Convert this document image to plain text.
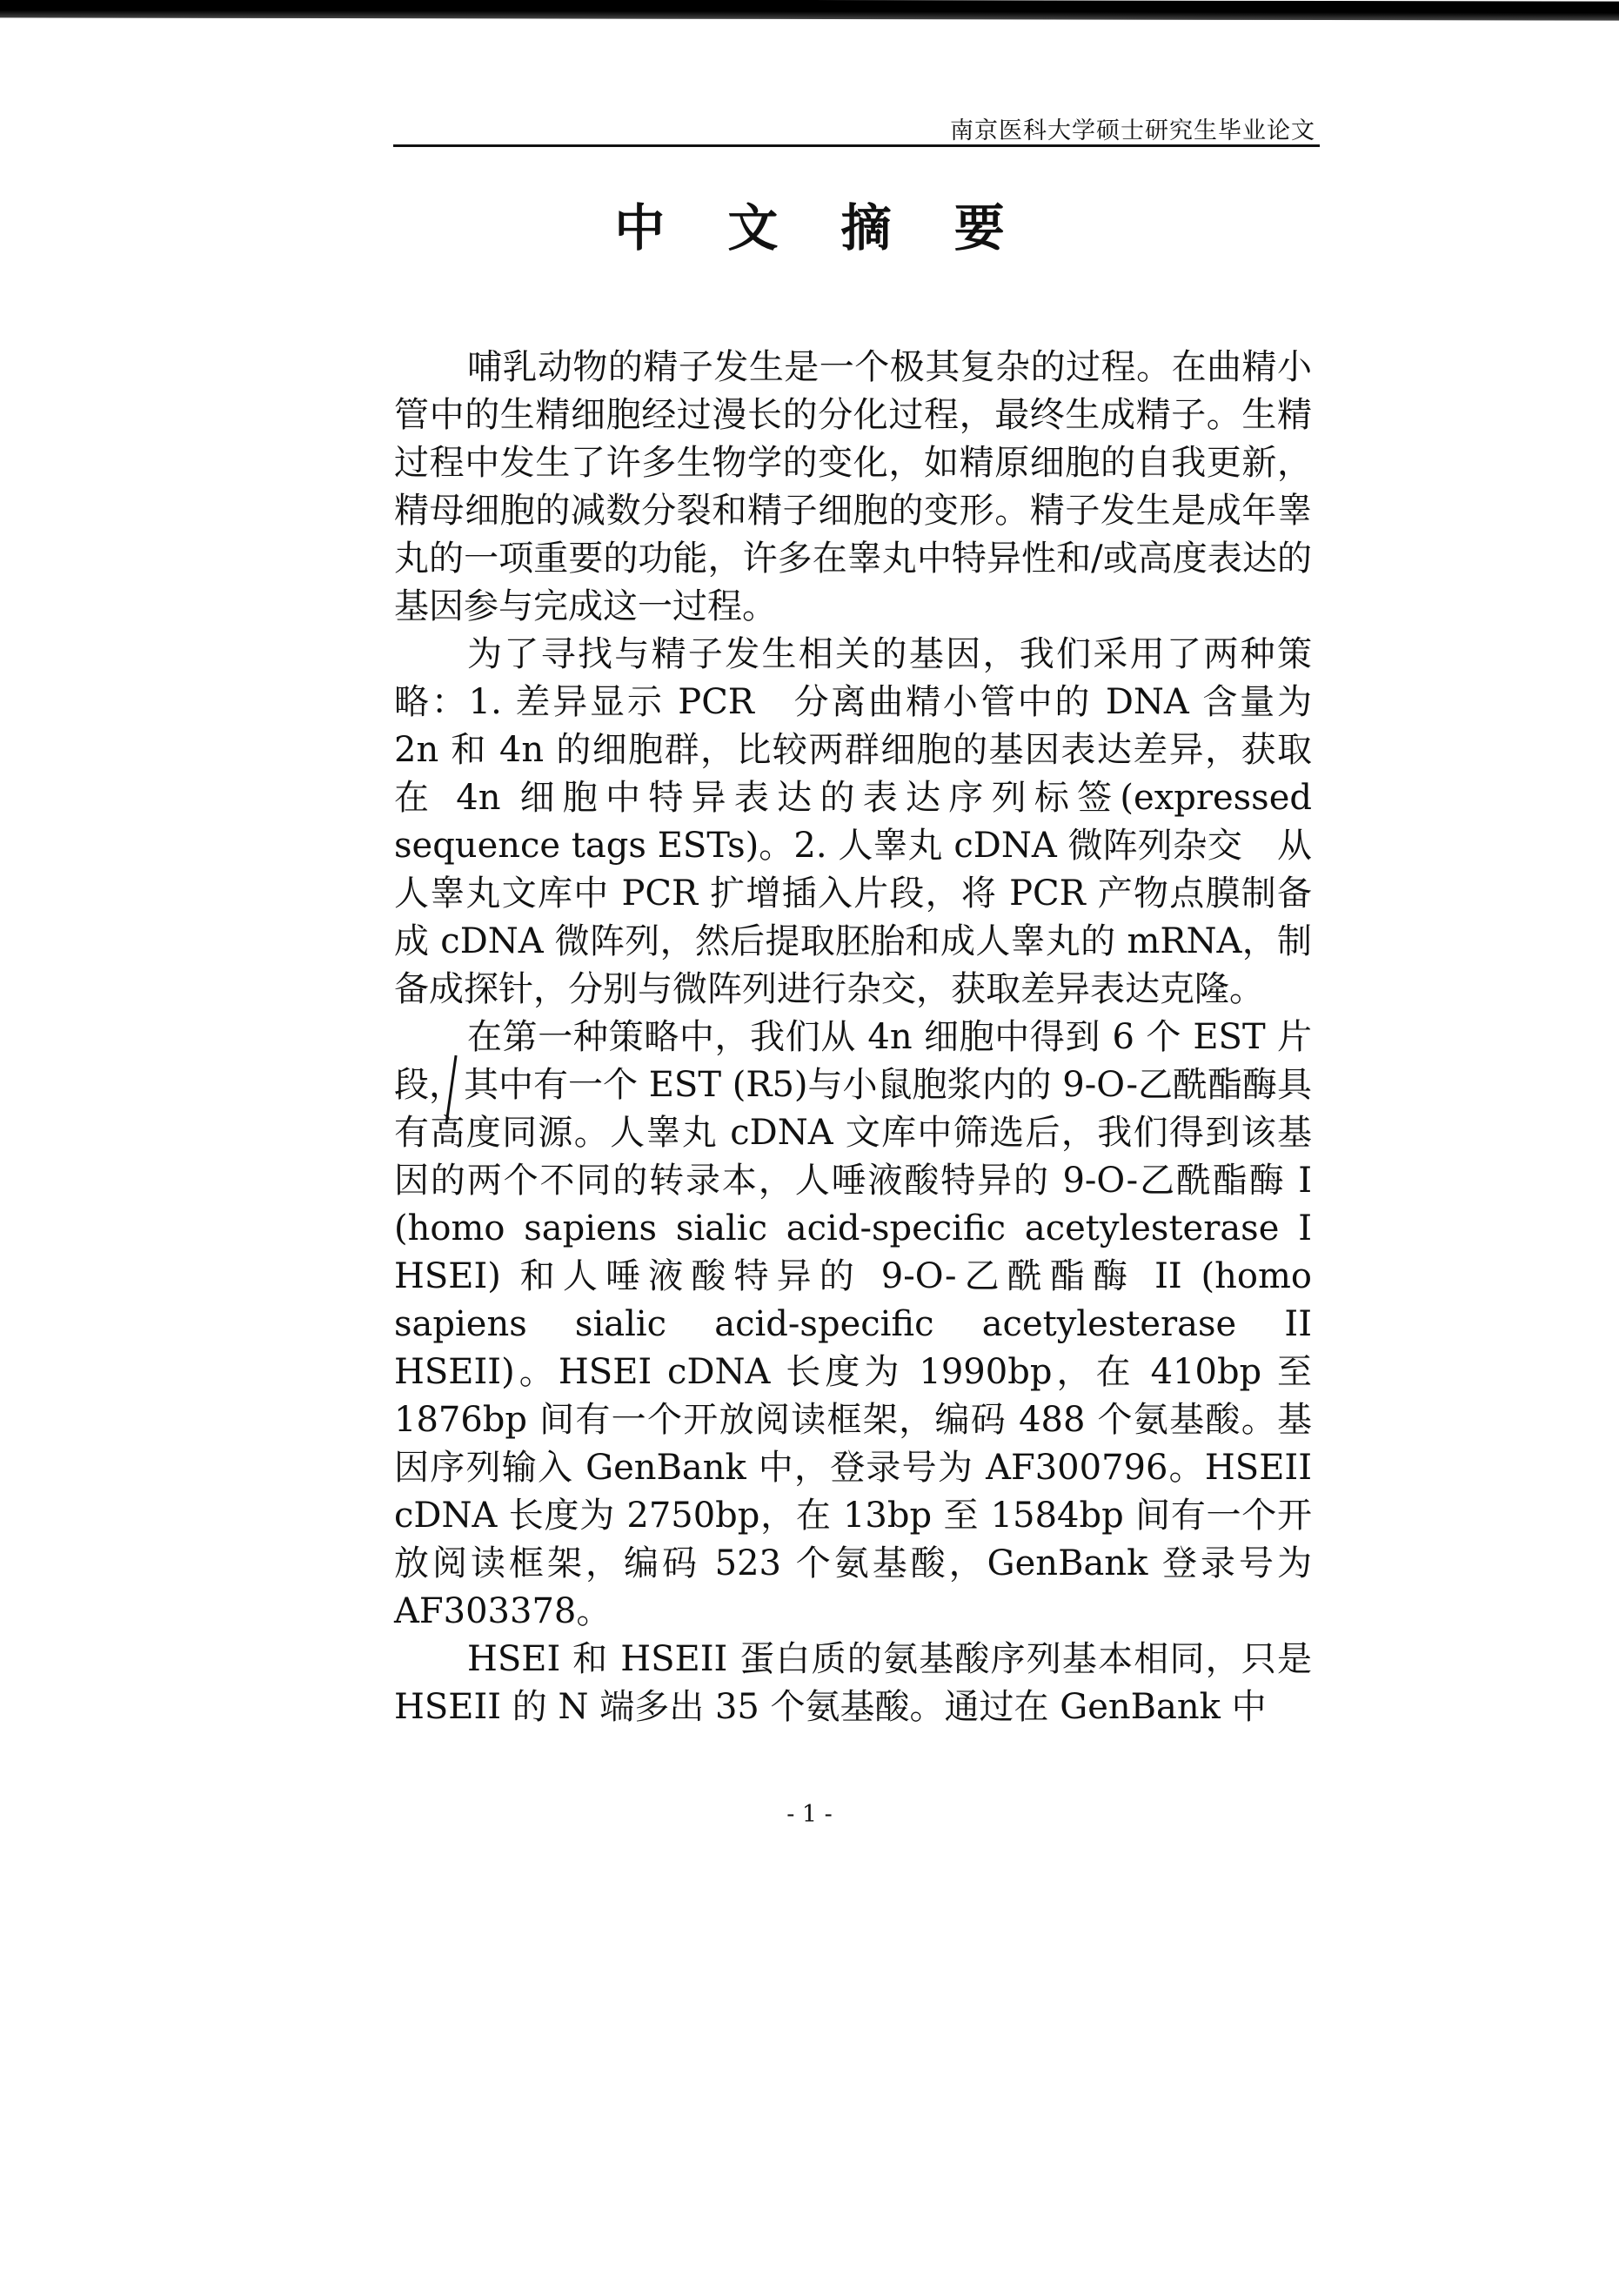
南京医科大学硕士研究生毕业论文
中 文 摘 要

哺乳动物的精子发生是一个极其复杂的过程。在曲精小管中的生精细胞经过漫长的分化过程，最终生成精子。生精过程中发生了许多生物学的变化，如精原细胞的自我更新，精母细胞的减数分裂和精子细胞的变形。精子发生是成年睾丸的一项重要的功能，许多在睾丸中特异性和/或高度表达的基因参与完成这一过程。

为了寻找与精子发生相关的基因，我们采用了两种策略：1. 差异显示 PCR　分离曲精小管中的 DNA 含量为 2n 和 4n 的细胞群，比较两群细胞的基因表达差异，获取在 4n 细胞中特异表达的表达序列标签(expressed sequence tags ESTs)。2. 人睾丸 cDNA 微阵列杂交　从人睾丸文库中 PCR 扩增插入片段，将 PCR 产物点膜制备成 cDNA 微阵列，然后提取胚胎和成人睾丸的 mRNA，制备成探针，分别与微阵列进行杂交，获取差异表达克隆。

在第一种策略中，我们从 4n 细胞中得到 6 个 EST 片段，其中有一个 EST (R5)与小鼠胞浆内的 9-O-乙酰酯酶具有高度同源。人睾丸 cDNA 文库中筛选后，我们得到该基因的两个不同的转录本，人唾液酸特异的 9-O-乙酰酯酶 I (homo sapiens sialic acid-specific acetylesterase I HSEI) 和人唾液酸特异的 9-O-乙酰酯酶 II (homo sapiens sialic acid-specific acetylesterase II　HSEII)。HSEI cDNA 长度为 1990bp，在 410bp 至 1876bp 间有一个开放阅读框架，编码 488 个氨基酸。基因序列输入 GenBank 中，登录号为 AF300796。HSEII cDNA 长度为 2750bp，在 13bp 至 1584bp 间有一个开放阅读框架，编码 523 个氨基酸，GenBank 登录号为 AF303378。

HSEI 和 HSEII 蛋白质的氨基酸序列基本相同，只是 HSEII 的 N 端多出 35 个氨基酸。通过在 GenBank 中

- 1 -
